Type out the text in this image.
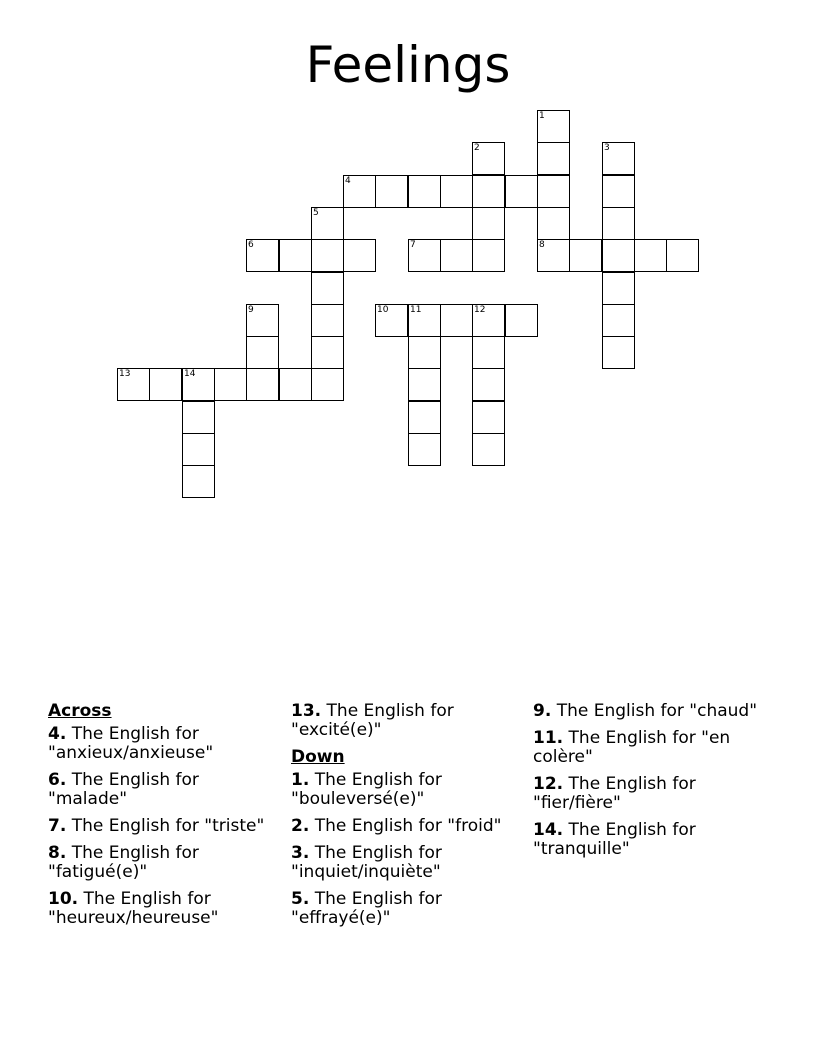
Feelings
1
2	3
4
5
6	7	8
9	10 11	12
13	14
Across
4. The English for "anxieux/anxieuse"
6. The English for "malade"
7. The English for "triste"
8. The English for "fatigué(e)"
10. The English for "heureux/heureuse"
13. The English for "excité(e)"
Down
1. The English for "bouleversé(e)"
2. The English for "froid"
3. The English for "inquiet/inquiète"
5. The English for "effrayé(e)"
9. The English for "chaud"
11. The English for "en colère"
12. The English for "fier/fière"
14. The English for "tranquille"
